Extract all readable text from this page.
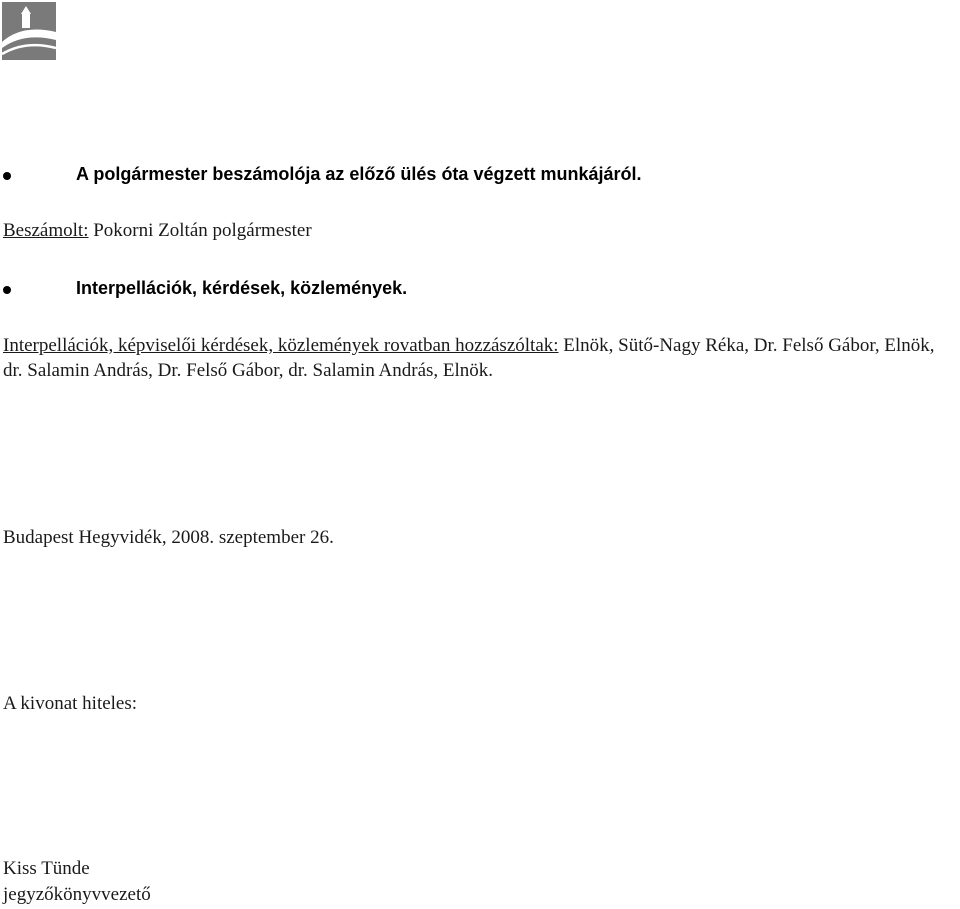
A polgármester beszámolója az előző ülés óta végzett munkájáról.
Beszámolt: Pokorni Zoltán polgármester
Interpellációk, kérdések, közlemények.
Interpellációk, képviselői kérdések, közlemények rovatban hozzászóltak: Elnök, Sütő-Nagy Réka, Dr. Felső Gábor, Elnök, dr. Salamin András, Dr. Felső Gábor, dr. Salamin András, Elnök.
Budapest Hegyvidék, 2008. szeptember 26.
A kivonat hiteles:
Kiss Tünde
jegyzőkönyvvezető
